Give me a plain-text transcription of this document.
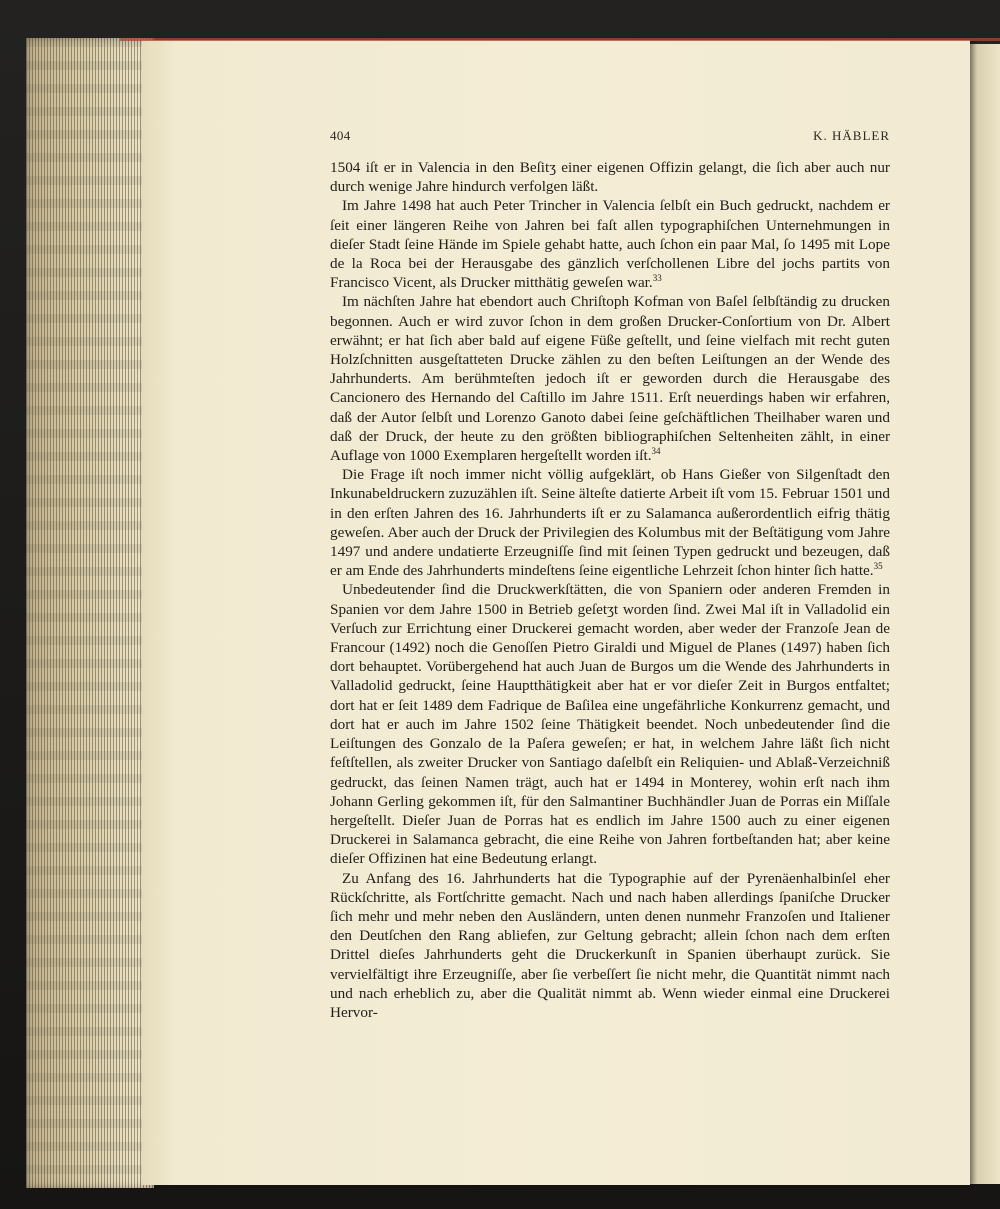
404	K. HÄBLER

1504 iſt er in Valencia in den Beſitʒ einer eigenen Offizin gelangt, die ſich aber auch nur durch wenige Jahre hindurch verfolgen läßt.

Im Jahre 1498 hat auch Peter Trincher in Valencia ſelbſt ein Buch gedruckt, nachdem er ſeit einer längeren Reihe von Jahren bei faſt allen typographiſchen Unternehmungen in dieſer Stadt ſeine Hände im Spiele gehabt hatte, auch ſchon ein paar Mal, ſo 1495 mit Lope de la Roca bei der Herausgabe des gänzlich verſchollenen Libre del jochs partits von Francisco Vicent, als Drucker mitthätig geweſen war.$^{33}$

Im nächſten Jahre hat ebendort auch Chriſtoph Kofman von Baſel ſelbſtändig zu drucken begonnen. Auch er wird zuvor ſchon in dem großen Drucker-Conſortium von Dr. Albert erwähnt; er hat ſich aber bald auf eigene Füße geſtellt, und ſeine vielfach mit recht guten Holzſchnitten ausgeſtatteten Drucke zählen zu den beſten Leiſtungen an der Wende des Jahrhunderts. Am berühmteſten jedoch iſt er geworden durch die Herausgabe des Cancionero des Hernando del Caſtillo im Jahre 1511. Erſt neuerdings haben wir erfahren, daß der Autor ſelbſt und Lorenzo Ganoto dabei ſeine geſchäftlichen Theilhaber waren und daß der Druck, der heute zu den größten bibliographiſchen Seltenheiten zählt, in einer Auflage von 1000 Exemplaren hergeſtellt worden iſt.$^{34}$

Die Frage iſt noch immer nicht völlig aufgeklärt, ob Hans Gießer von Silgenſtadt den Inkunabeldruckern zuzuzählen iſt. Seine älteſte datierte Arbeit iſt vom 15. Februar 1501 und in den erſten Jahren des 16. Jahrhunderts iſt er zu Salamanca außerordentlich eifrig thätig geweſen. Aber auch der Druck der Privilegien des Kolumbus mit der Beſtätigung vom Jahre 1497 und andere undatierte Erzeugniſſe ſind mit ſeinen Typen gedruckt und bezeugen, daß er am Ende des Jahrhunderts mindeſtens ſeine eigentliche Lehrzeit ſchon hinter ſich hatte.$^{35}$

Unbedeutender ſind die Druckwerkſtätten, die von Spaniern oder anderen Fremden in Spanien vor dem Jahre 1500 in Betrieb geſetʒt worden ſind. Zwei Mal iſt in Valladolid ein Verſuch zur Errichtung einer Druckerei gemacht worden, aber weder der Franzoſe Jean de Francour (1492) noch die Genoſſen Pietro Giraldi und Miguel de Planes (1497) haben ſich dort behauptet. Vorübergehend hat auch Juan de Burgos um die Wende des Jahrhunderts in Valladolid gedruckt, ſeine Hauptthätigkeit aber hat er vor dieſer Zeit in Burgos entfaltet; dort hat er ſeit 1489 dem Fadrique de Baſilea eine ungefährliche Konkurrenz gemacht, und dort hat er auch im Jahre 1502 ſeine Thätigkeit beendet. Noch unbedeutender ſind die Leiſtungen des Gonzalo de la Paſera geweſen; er hat, in welchem Jahre läßt ſich nicht feſtſtellen, als zweiter Drucker von Santiago daſelbſt ein Reliquien- und Ablaß-Verzeichniß gedruckt, das ſeinen Namen trägt, auch hat er 1494 in Monterey, wohin erſt nach ihm Johann Gerling gekommen iſt, für den Salmantiner Buchhändler Juan de Porras ein Miſſale hergeſtellt. Dieſer Juan de Porras hat es endlich im Jahre 1500 auch zu einer eigenen Druckerei in Salamanca gebracht, die eine Reihe von Jahren fortbeſtanden hat; aber keine dieſer Offizinen hat eine Bedeutung erlangt.

Zu Anfang des 16. Jahrhunderts hat die Typographie auf der Pyrenäenhalbinſel eher Rückſchritte, als Fortſchritte gemacht. Nach und nach haben allerdings ſpaniſche Drucker ſich mehr und mehr neben den Ausländern, unten denen nunmehr Franzoſen und Italiener den Deutſchen den Rang abliefen, zur Geltung gebracht; allein ſchon nach dem erſten Drittel dieſes Jahrhunderts geht die Druckerkunſt in Spanien überhaupt zurück. Sie vervielfältigt ihre Erzeugniſſe, aber ſie verbeſſert ſie nicht mehr, die Quantität nimmt nach und nach erheblich zu, aber die Qualität nimmt ab. Wenn wieder einmal eine Druckerei Hervor-
